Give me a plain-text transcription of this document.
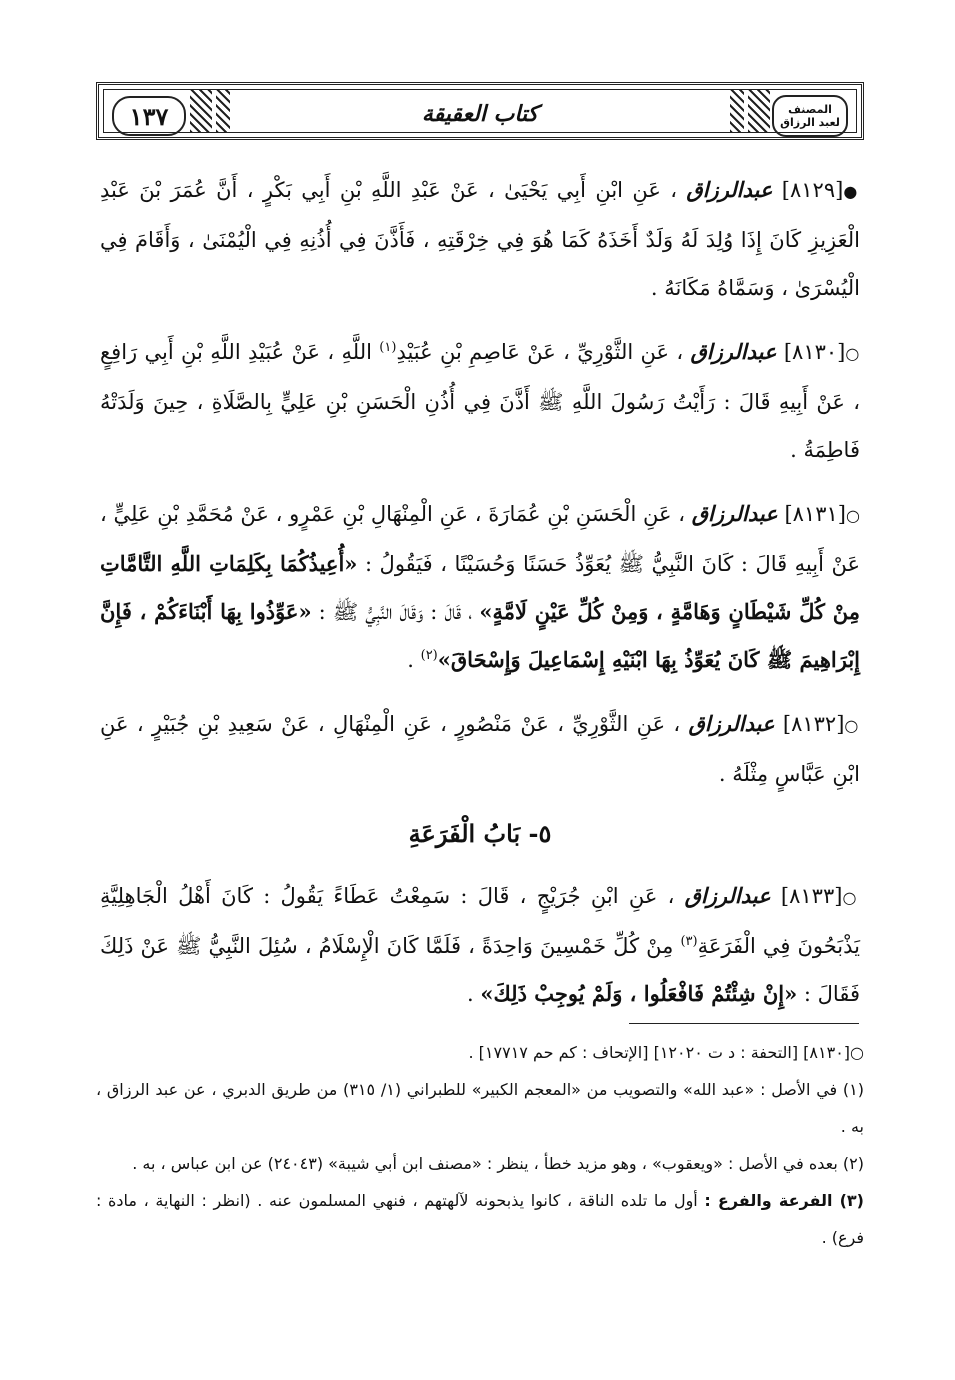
١٣٧	كتاب العقيقة	المصنف
لعبد الرزاق

●[٨١٢٩] عبدالرزاق ، عَنِ ابْنِ أَبِي يَحْيَىٰ ، عَنْ عَبْدِ اللَّهِ بْنِ أَبِي بَكْرٍ ، أَنَّ عُمَرَ بْنَ عَبْدِ الْعَزِيزِ كَانَ إِذَا وُلِدَ لَهُ وَلَدٌ أَخَذَهُ كَمَا هُوَ فِي خِرْقَتِهِ ، فَأَذَّنَ فِي أُذُنِهِ فِي الْيُمْنَىٰ ، وَأَقَامَ فِي الْيُسْرَىٰ ، وَسَمَّاهُ مَكَانَهُ .

○[٨١٣٠] عبدالرزاق ، عَنِ الثَّوْرِيِّ ، عَنْ عَاصِمِ بْنِ عُبَيْدِ$^{(١)}$ اللَّهِ ، عَنْ عُبَيْدِ اللَّهِ بْنِ أَبِي رَافِعٍ ، عَنْ أَبِيهِ قَالَ : رَأَيْتُ رَسُولَ اللَّهِ ﷺ أَذَّنَ فِي أُذُنِ الْحَسَنِ بْنِ عَلِيٍّ بِالصَّلَاةِ ، حِينَ وَلَدَتْهُ فَاطِمَةُ .

○[٨١٣١] عبدالرزاق ، عَنِ الْحَسَنِ بْنِ عُمَارَةَ ، عَنِ الْمِنْهَالِ بْنِ عَمْرٍو ، عَنْ مُحَمَّدِ بْنِ عَلِيٍّ ، عَنْ أَبِيهِ قَالَ : كَانَ النَّبِيُّ ﷺ يُعَوِّذُ حَسَنًا وَحُسَيْنًا ، فَيَقُولُ : «أُعِيذُكُمَا بِكَلِمَاتِ اللَّهِ التَّامَّاتِ مِنْ كُلِّ شَيْطَانٍ وَهَامَّةٍ ، وَمِنْ كُلِّ عَيْنٍ لَامَّةٍ» ، قَالَ : وَقَالَ النَّبِيُّ ﷺ : «عَوِّذُوا بِهَا أَبْنَاءَكُمْ ، فَإِنَّ إِبْرَاهِيمَ ﷺ كَانَ يُعَوِّذُ بِهَا ابْنَيْهِ إِسْمَاعِيلَ وَإِسْحَاقَ»$^{(٢)}$ .

○[٨١٣٢] عبدالرزاق ، عَنِ الثَّوْرِيِّ ، عَنْ مَنْصُورٍ ، عَنِ الْمِنْهَالِ ، عَنْ سَعِيدِ بْنِ جُبَيْرٍ ، عَنِ ابْنِ عَبَّاسٍ مِثْلَهُ .

٥- بَابُ الْفَرَعَةِ

○[٨١٣٣] عبدالرزاق ، عَنِ ابْنِ جُرَيْجٍ ، قَالَ : سَمِعْتُ عَطَاءً يَقُولُ : كَانَ أَهْلُ الْجَاهِلِيَّةِ يَذْبَحُونَ فِي الْفَرَعَةِ$^{(٣)}$ مِنْ كُلِّ خَمْسِينَ وَاحِدَةً ، فَلَمَّا كَانَ الْإِسْلَامُ ، سُئِلَ النَّبِيُّ ﷺ عَنْ ذَلِكَ فَقَالَ : «إِنْ شِئْتُمْ فَافْعَلُوا ، وَلَمْ يُوجِبْ ذَلِكَ» .

○[٨١٣٠] [التحفة : د ت ١٢٠٢٠] [الإتحاف : كم حم ١٧٧١٧] .

(١) في الأصل : «عبد الله» والتصويب من «المعجم الكبير» للطبراني (١/ ٣١٥) من طريق الدبري ، عن عبد الرزاق ، به .

(٢) بعده في الأصل : «ويعقوب» ، وهو مزيد خطأ ، ينظر : «مصنف ابن أبي شيبة» (٢٤٠٤٣) عن ابن عباس ، به .

(٣) الفرعة والفرع : أول ما تلده الناقة ، كانوا يذبحونه لآلهتهم ، فنهي المسلمون عنه . (انظر : النهاية ، مادة : فرع) .
